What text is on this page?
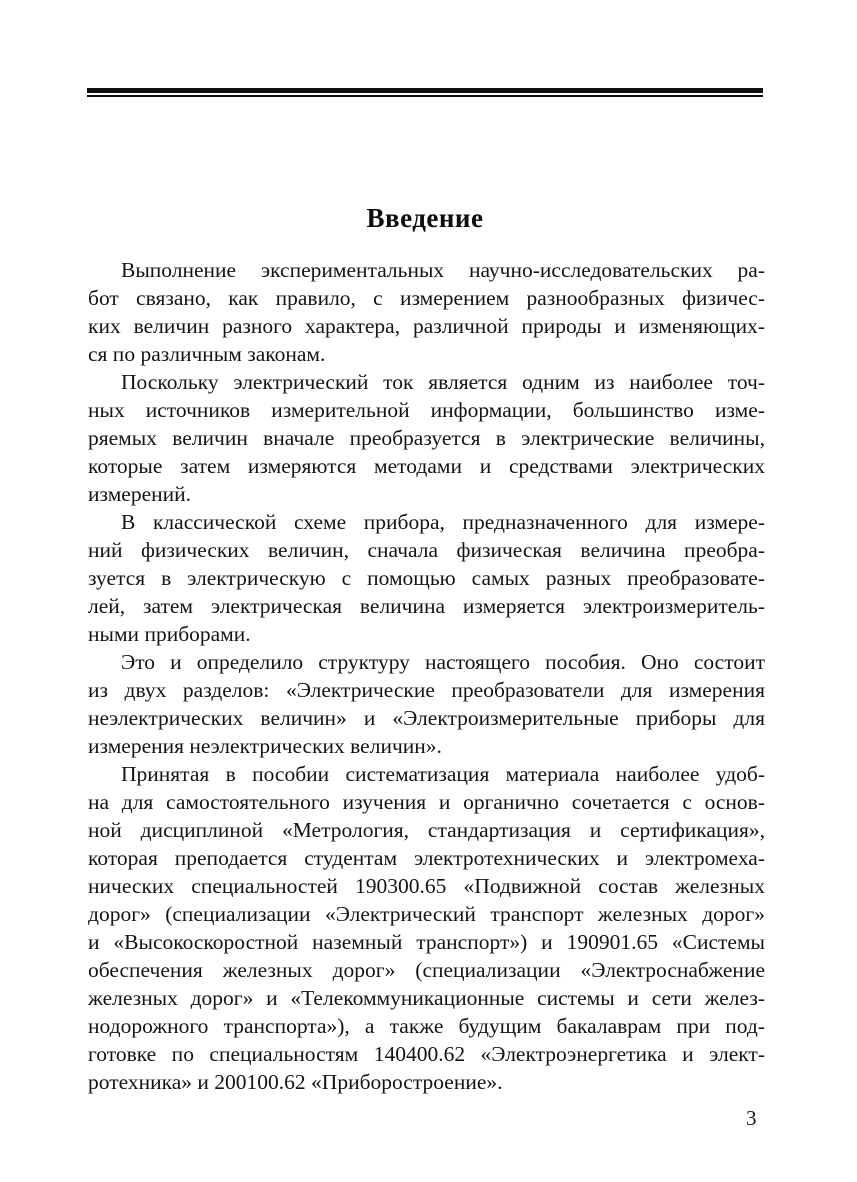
Введение
Выполнение экспериментальных научно-исследовательских ра-
бот связано, как правило, с измерением разнообразных физичес-
ких величин разного характера, различной природы и изменяющих-
ся по различным законам.
Поскольку электрический ток является одним из наиболее точ-
ных источников измерительной информации, большинство изме-
ряемых величин вначале преобразуется в электрические величины,
которые затем измеряются методами и средствами электрических
измерений.
В классической схеме прибора, предназначенного для измере-
ний физических величин, сначала физическая величина преобра-
зуется в электрическую с помощью самых разных преобразовате-
лей, затем электрическая величина измеряется электроизмеритель-
ными приборами.
Это и определило структуру настоящего пособия. Оно состоит
из двух разделов: «Электрические преобразователи для измерения
неэлектрических величин» и «Электроизмерительные приборы для
измерения неэлектрических величин».
Принятая в пособии систематизация материала наиболее удоб-
на для самостоятельного изучения и органично сочетается с основ-
ной дисциплиной «Метрология, стандартизация и сертификация»,
которая преподается студентам электротехнических и электромеха-
нических специальностей 190300.65 «Подвижной состав железных
дорог» (специализации «Электрический транспорт железных дорог»
и «Высокоскоростной наземный транспорт») и 190901.65 «Системы
обеспечения железных дорог» (специализации «Электроснабжение
железных дорог» и «Телекоммуникационные системы и сети желез-
нодорожного транспорта»), а также будущим бакалаврам при под-
готовке по специальностям 140400.62 «Электроэнергетика и элект-
ротехника» и 200100.62 «Приборостроение».
3
